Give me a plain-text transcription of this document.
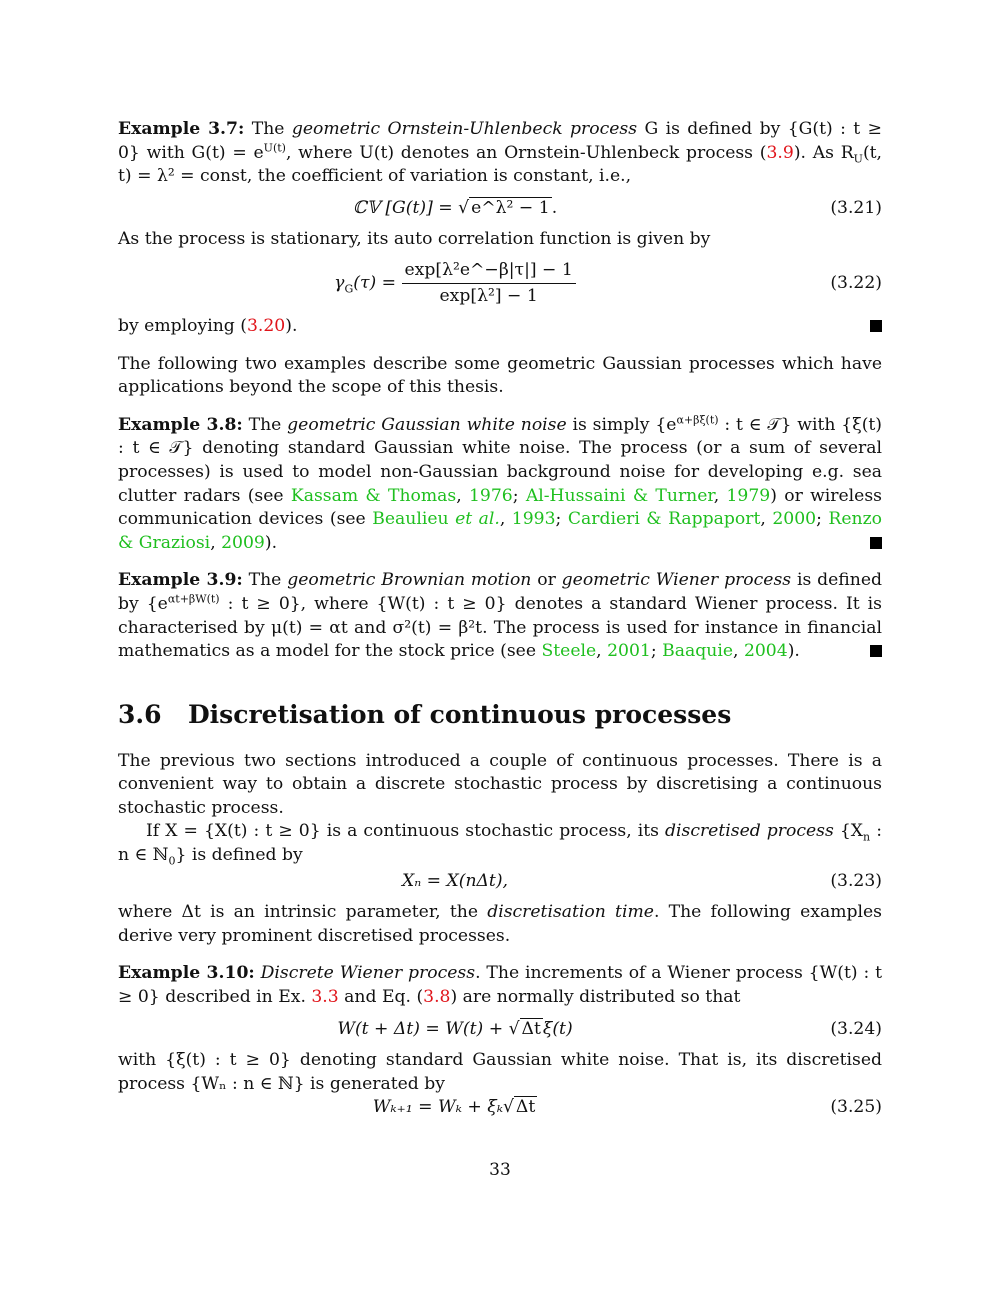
Example 3.7: The geometric Ornstein-Uhlenbeck process G is defined by {G(t) : t ≥ 0} with $G(t) = e^{U(t)}$, where U(t) denotes an Ornstein-Uhlenbeck process (3.9). As $R_U(t$, t) = λ² = const, the coefficient of variation is constant, i.e.,

ℂ𝕍 [G(t)] = √ e^λ² − 1 .	(3.21)

As the process is stationary, its auto correlation function is given by

$\gamma_G(\tau) = \frac{\text{exp[λ²e\textasciicircum{}−β|τ|] − 1}}{\text{exp[λ²] − 1}}$	(3.22)

by employing (3.20).

The following two examples describe some geometric Gaussian processes which have applications beyond the scope of this thesis.

Example 3.8: The geometric Gaussian white noise is simply {$e^{\alpha+\beta\xi(t)}$ : t ∈ 𝒯} with {ξ(t) : t ∈ 𝒯} denoting standard Gaussian white noise. The process (or a sum of several processes) is used to model non-Gaussian background noise for developing e.g. sea clutter radars (see Kassam & Thomas, 1976; Al-Hussaini & Turner, 1979) or wireless communication devices (see Beaulieu et al., 1993; Cardieri & Rappaport, 2000; Renzo & Graziosi, 2009).

Example 3.9: The geometric Brownian motion or geometric Wiener process is defined by {$e^{\alpha t+\beta W(t)}$ : t ≥ 0}, where {W(t) : t ≥ 0} denotes a standard Wiener process. It is characterised by μ(t) = αt and σ²(t) = β²t. The process is used for instance in financial mathematics as a model for the stock price (see Steele, 2001; Baaquie, 2004).

3.6 Discretisation of continuous processes

The previous two sections introduced a couple of continuous processes. There is a convenient way to obtain a discrete stochastic process by discretising a continuous stochastic process.

If X = {X(t) : t ≥ 0} is a continuous stochastic process, its discretised process {$X_n$ : n ∈ ℕ$_0$} is defined by

Xₙ = X(nΔt),	(3.23)

where Δt is an intrinsic parameter, the discretisation time. The following examples derive very prominent discretised processes.

Example 3.10: Discrete Wiener process. The increments of a Wiener process {W(t) : t ≥ 0} described in Ex. 3.3 and Eq. (3.8) are normally distributed so that

W(t + Δt) = W(t) + √ Δt ξ(t)	(3.24)

with {ξ(t) : t ≥ 0} denoting standard Gaussian white noise. That is, its discretised process {Wₙ : n ∈ ℕ} is generated by

Wₖ₊₁ = Wₖ + ξₖ√ Δt	(3.25)
33
